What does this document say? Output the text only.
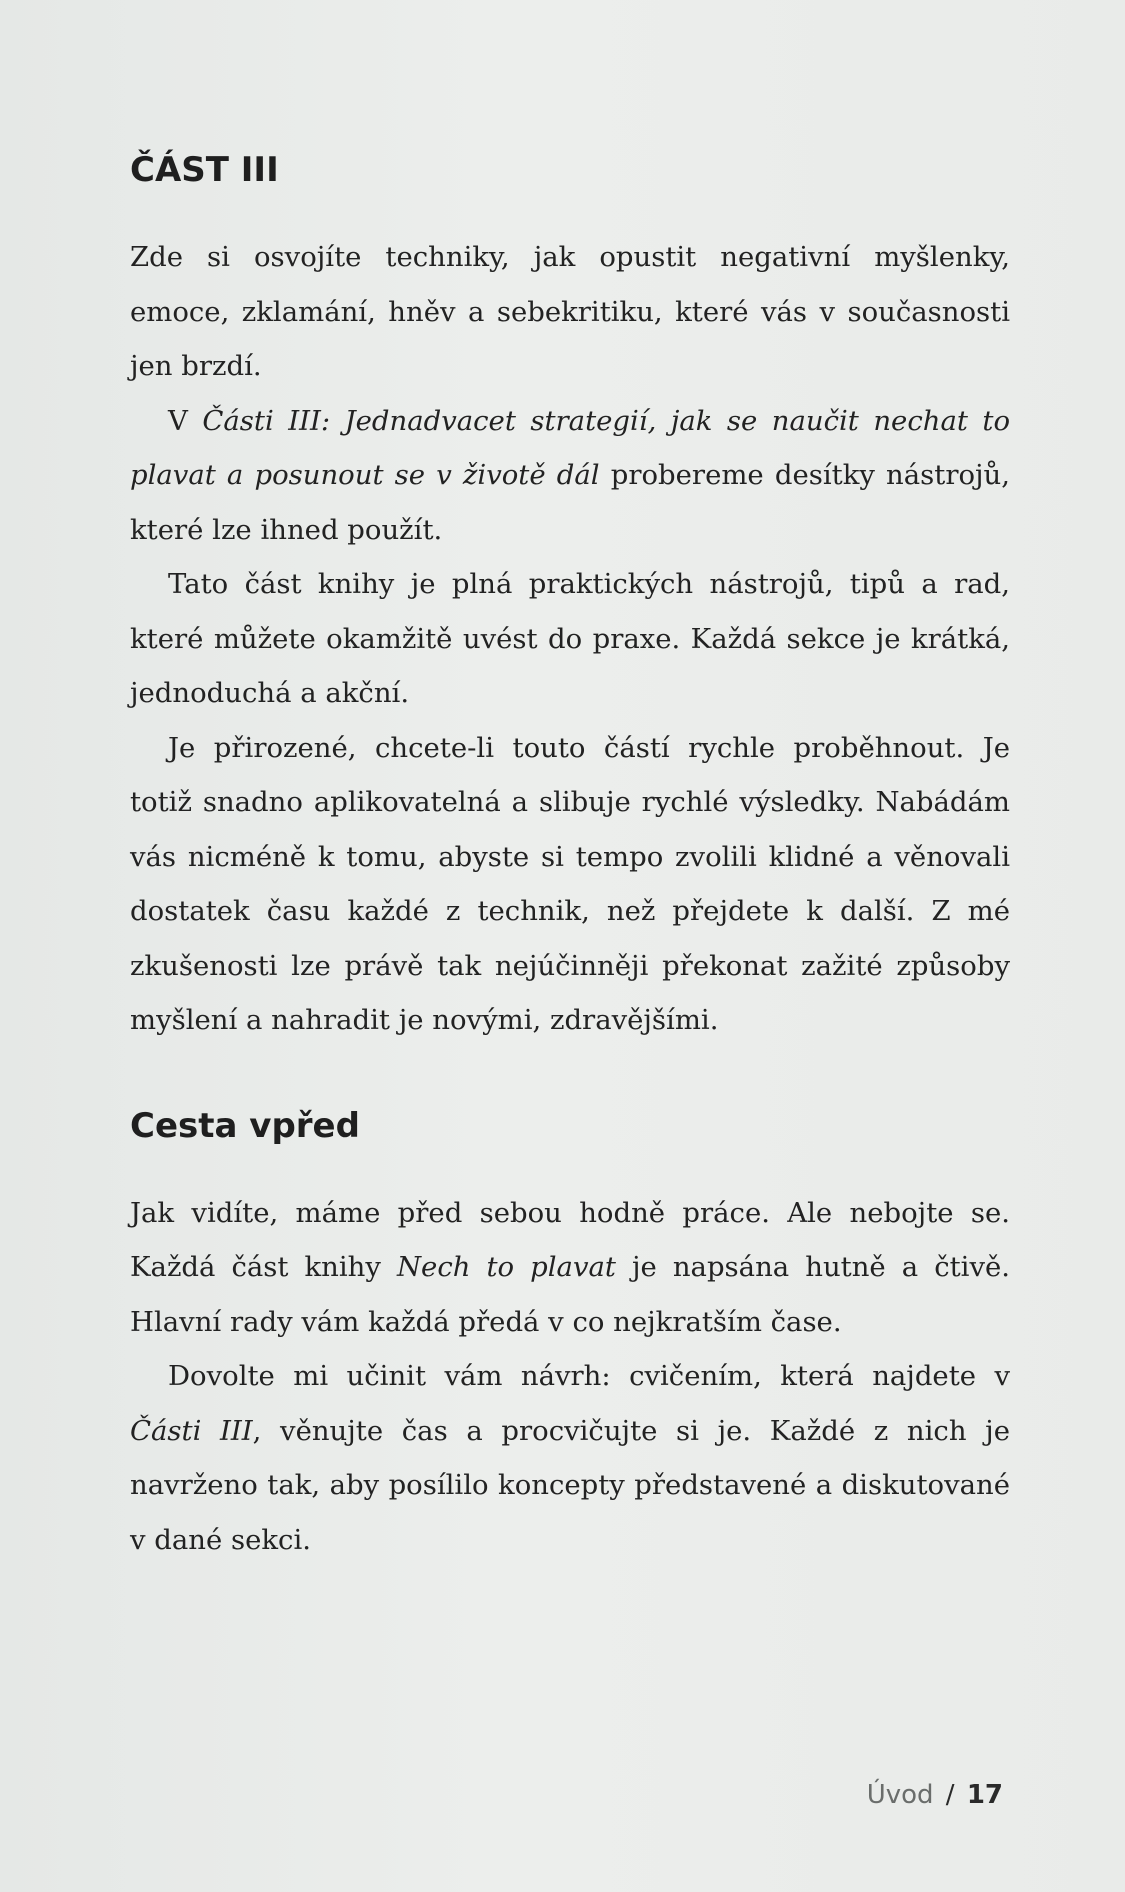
ČÁST III

Zde si osvojíte techniky, jak opustit negativní myšlenky, emoce, zklamání, hněv a sebekritiku, které vás v současnosti jen brzdí.

V Části III: Jednadvacet strategií, jak se naučit nechat to plavat a posunout se v životě dál probereme desítky nástrojů, které lze ihned použít.

Tato část knihy je plná praktických nástrojů, tipů a rad, které můžete okamžitě uvést do praxe. Každá sekce je krátká, jednoduchá a akční.

Je přirozené, chcete-li touto částí rychle proběhnout. Je totiž snadno aplikovatelná a slibuje rychlé výsledky. Nabádám vás nicméně k tomu, abyste si tempo zvolili klidné a věnovali dostatek času každé z technik, než přejdete k další. Z mé zkušenosti lze právě tak nejúčinněji překonat zažité způsoby myšlení a nahradit je novými, zdravějšími.

Cesta vpřed

Jak vidíte, máme před sebou hodně práce. Ale nebojte se. Každá část knihy Nech to plavat je napsána hutně a čtivě. Hlavní rady vám každá předá v co nejkratším čase.

Dovolte mi učinit vám návrh: cvičením, která najdete v Části III, věnujte čas a procvičujte si je. Každé z nich je navrženo tak, aby posílilo koncepty představené a diskutované v dané sekci.

Úvod / 17
